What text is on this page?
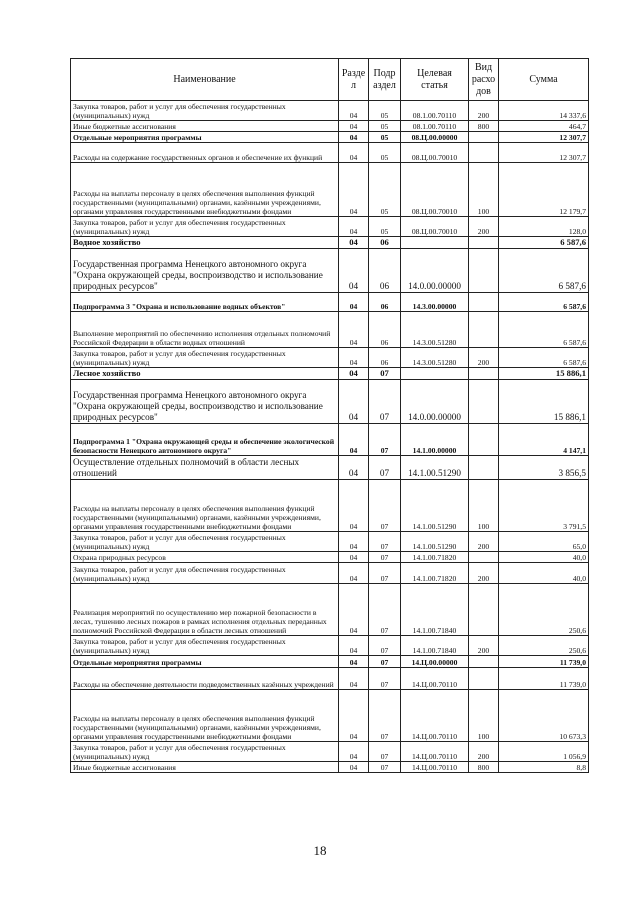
Наименование	Разде л	Подр аздел	Целевая статья	Вид расхо дов	Сумма
Закупка товаров, работ и услуг для обеспечения государственных (муниципальных) нужд	04	05	08.1.00.70110	200	14 337,6
Иные бюджетные ассигнования	04	05	08.1.00.70110	800	464,7
Отдельные мероприятия программы	04	05	08.Ц.00.00000		12 307,7
Расходы на содержание государственных органов и обеспечение их функций	04	05	08.Ц.00.70010		12 307,7
Расходы на выплаты персоналу в целях обеспечения выполнения функций государственными (муниципальными) органами, казёнными учреждениями, органами управления государственными внебюджетными фондами	04	05	08.Ц.00.70010	100	12 179,7
Закупка товаров, работ и услуг для обеспечения государственных (муниципальных) нужд	04	05	08.Ц.00.70010	200	128,0
Водное хозяйство	04	06			6 587,6
Государственная программа Ненецкого автономного округа "Охрана окружающей среды, воспроизводство и использование природных ресурсов"	04	06	14.0.00.00000		6 587,6
Подпрограмма 3 "Охрана и использование водных объектов"	04	06	14.3.00.00000		6 587,6
Выполнение мероприятий по обеспечению исполнения отдельных полномочий Российской Федерации в области водных отношений	04	06	14.3.00.51280		6 587,6
Закупка товаров, работ и услуг для обеспечения государственных (муниципальных) нужд	04	06	14.3.00.51280	200	6 587,6
Лесное хозяйство	04	07			15 886,1
Государственная программа Ненецкого автономного округа "Охрана окружающей среды, воспроизводство и использование природных ресурсов"	04	07	14.0.00.00000		15 886,1
Подпрограмма 1 "Охрана окружающей среды и обеспечение экологической безопасности Ненецкого автономного округа"	04	07	14.1.00.00000		4 147,1
Осуществление отдельных полномочий в области лесных отношений	04	07	14.1.00.51290		3 856,5
Расходы на выплаты персоналу в целях обеспечения выполнения функций государственными (муниципальными) органами, казёнными учреждениями, органами управления государственными внебюджетными фондами	04	07	14.1.00.51290	100	3 791,5
Закупка товаров, работ и услуг для обеспечения государственных (муниципальных) нужд	04	07	14.1.00.51290	200	65,0
Охрана природных ресурсов	04	07	14.1.00.71820		40,0
Закупка товаров, работ и услуг для обеспечения государственных (муниципальных) нужд	04	07	14.1.00.71820	200	40,0
Реализация мероприятий по осуществлению мер пожарной безопасности в лесах, тушению лесных пожаров в рамках исполнения отдельных переданных полномочий Российской Федерации в области лесных отношений	04	07	14.1.00.71840		250,6
Закупка товаров, работ и услуг для обеспечения государственных (муниципальных) нужд	04	07	14.1.00.71840	200	250,6
Отдельные мероприятия программы	04	07	14.Ц.00.00000		11 739,0
Расходы на обеспечение деятельности подведомственных казённых учреждений	04	07	14.Ц.00.70110		11 739,0
Расходы на выплаты персоналу в целях обеспечения выполнения функций государственными (муниципальными) органами, казёнными учреждениями, органами управления государственными внебюджетными фондами	04	07	14.Ц.00.70110	100	10 673,3
Закупка товаров, работ и услуг для обеспечения государственных (муниципальных) нужд	04	07	14.Ц.00.70110	200	1 056,9
Иные бюджетные ассигнования	04	07	14.Ц.00.70110	800	8,8
18
